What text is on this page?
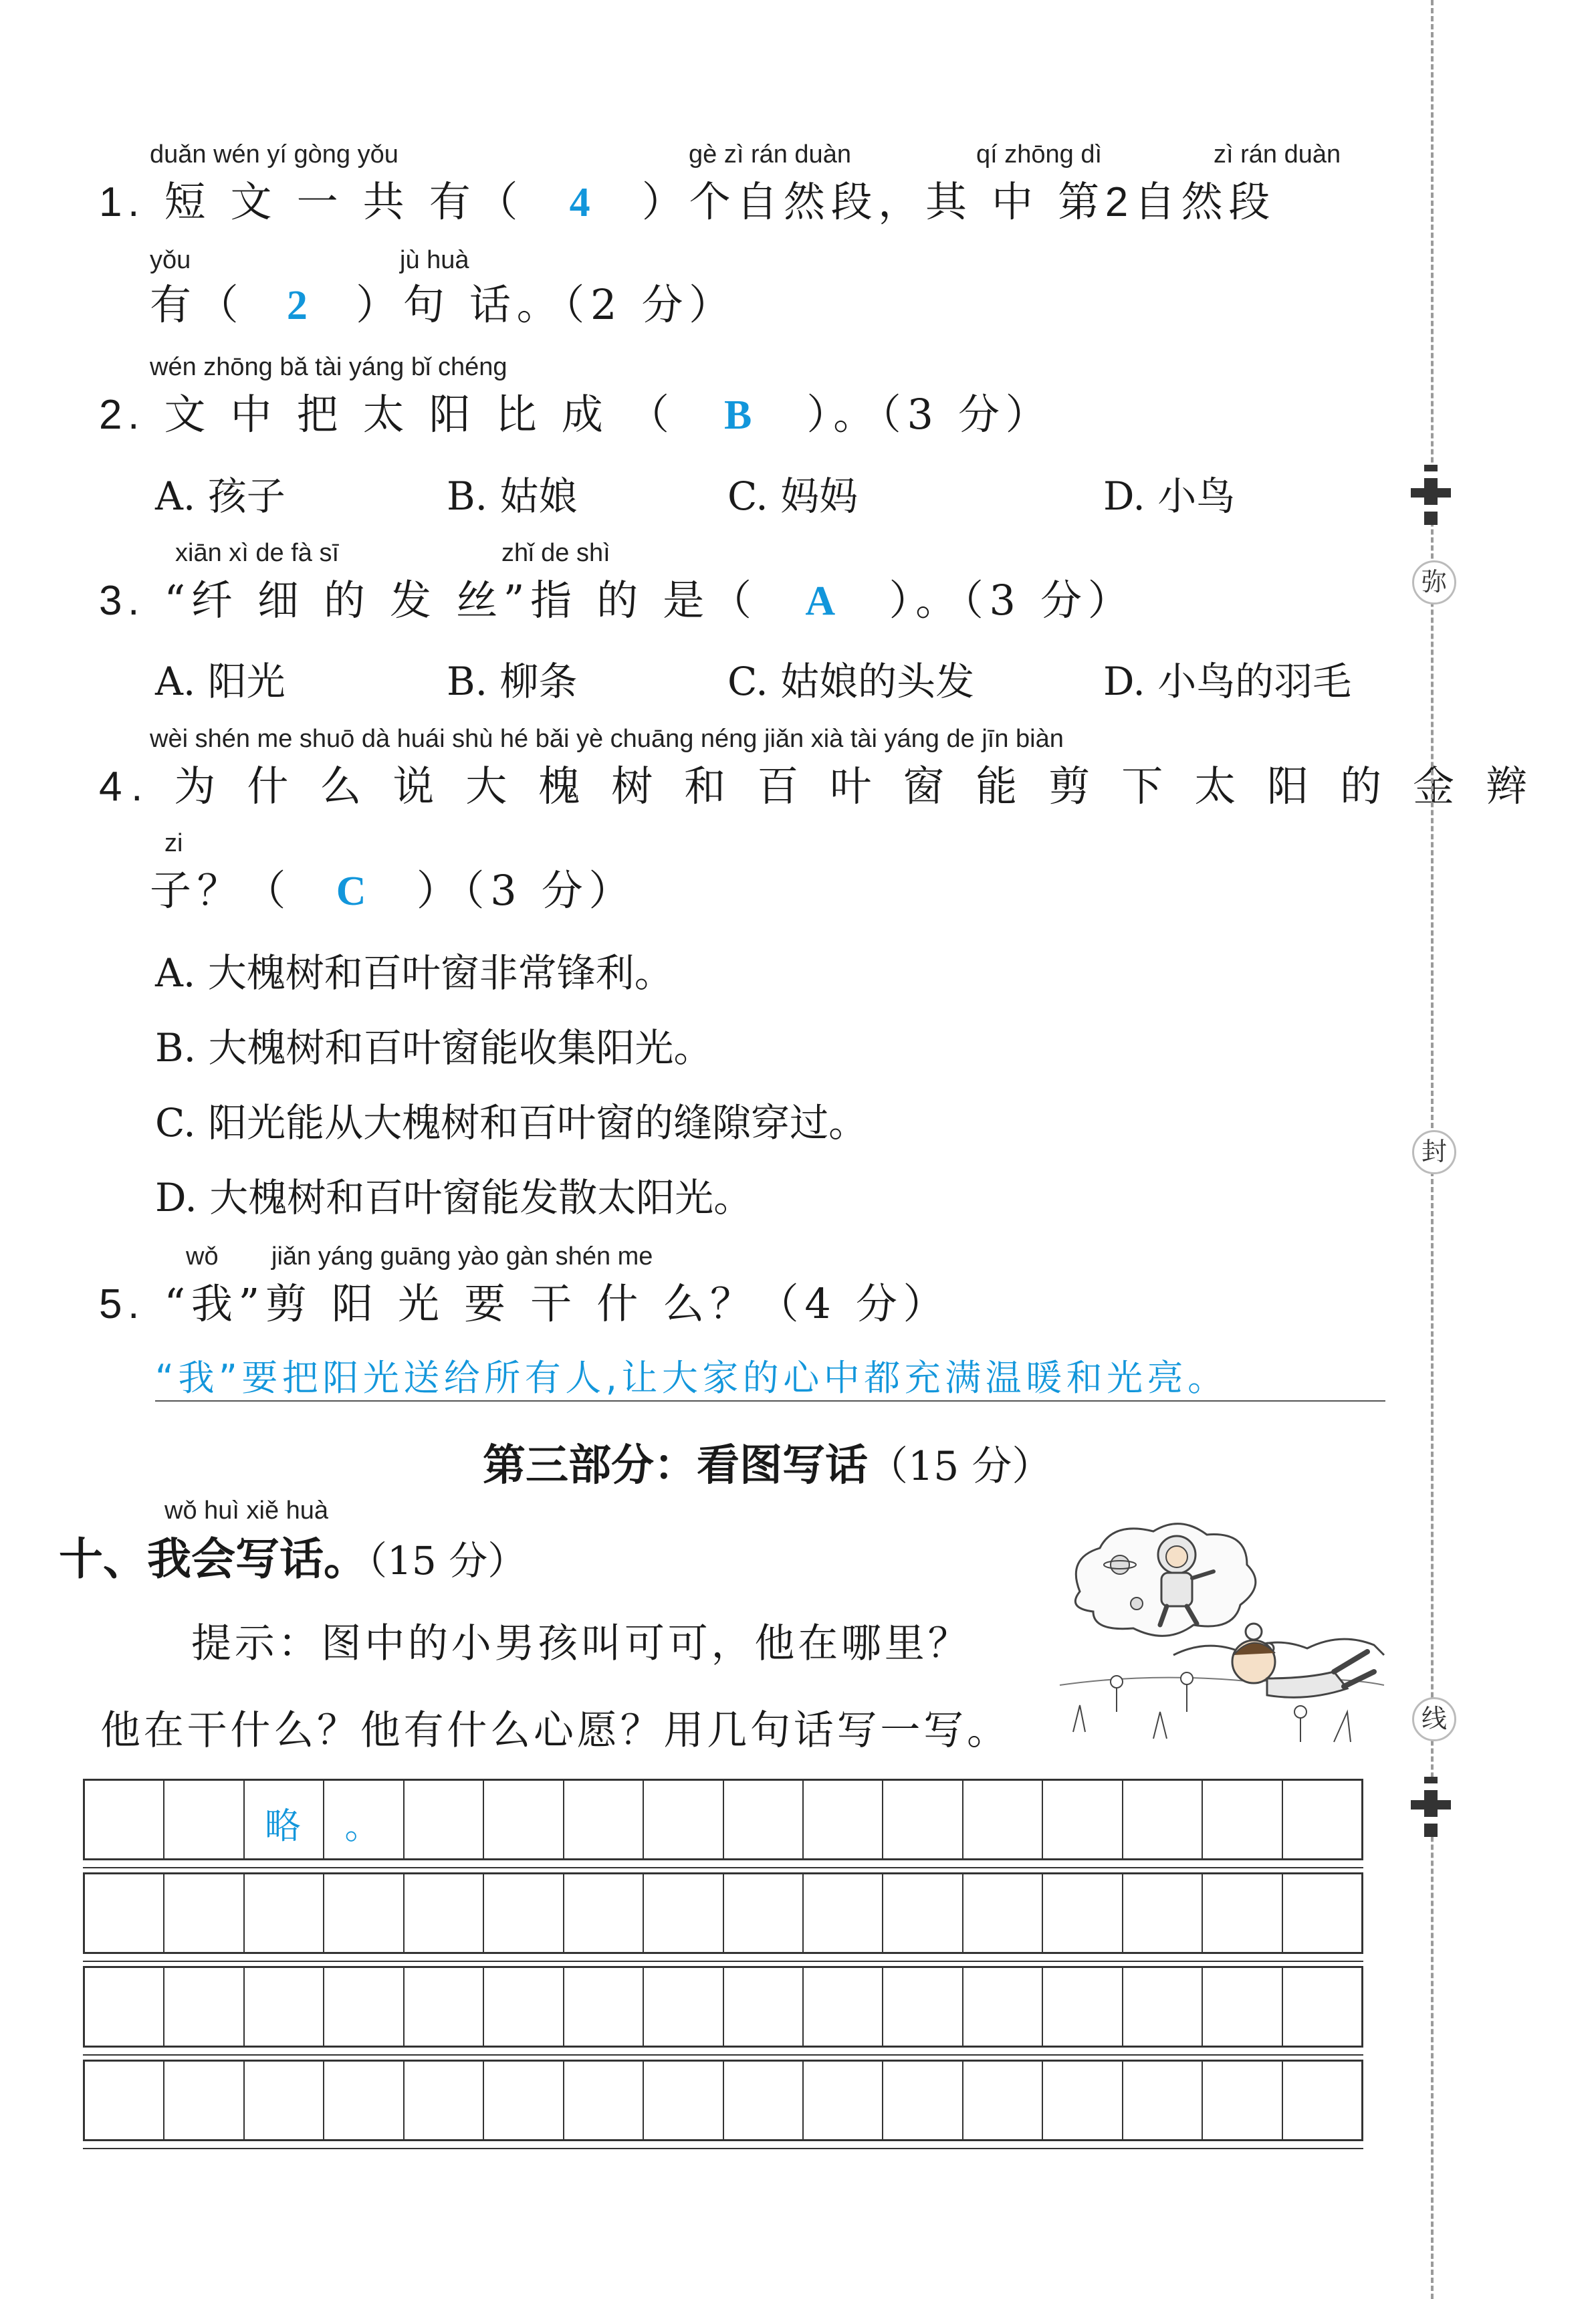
duǎn wén yí gòng yǒu	gè zì rán duàn	qí zhōng dì	zì rán duàn
1. 短 文 一 共 有（ 4 ）个自然段，其 中 第2自然段
yǒu	jù huà
有（ 2 ）句 话。（2 分）
wén zhōng bǎ tài yáng bǐ chéng
2. 文 中 把 太 阳 比 成 （ B ）。（3 分）
A. 孩子	B. 姑娘	C. 妈妈	D. 小鸟
xiān xì de fà sī	zhǐ de shì
3. “纤 细 的 发 丝”指 的 是（ A ）。（3 分）
A. 阳光	B. 柳条	C. 姑娘的头发	D. 小鸟的羽毛
wèi shén me shuō dà huái shù hé bǎi yè chuāng néng jiǎn xià tài yáng de jīn biàn
4. 为 什 么 说 大 槐 树 和 百 叶 窗 能 剪 下 太 阳 的 金 辫
zi
子？（ C ）（3 分）
A. 大槐树和百叶窗非常锋利。
B. 大槐树和百叶窗能收集阳光。
C. 阳光能从大槐树和百叶窗的缝隙穿过。
D. 大槐树和百叶窗能发散太阳光。
wǒ jiǎn yáng guāng yào gàn shén me
5. “我”剪 阳 光 要 干 什 么？（4 分）
“我”要把阳光送给所有人,让大家的心中都充满温暖和光亮。
第三部分：看图写话（15 分）
wǒ huì xiě huà
十、我会写话。（15 分）
提示：图中的小男孩叫可可，他在哪里？
他在干什么？他有什么心愿？用几句话写一写。
略 。
弥
封
线
